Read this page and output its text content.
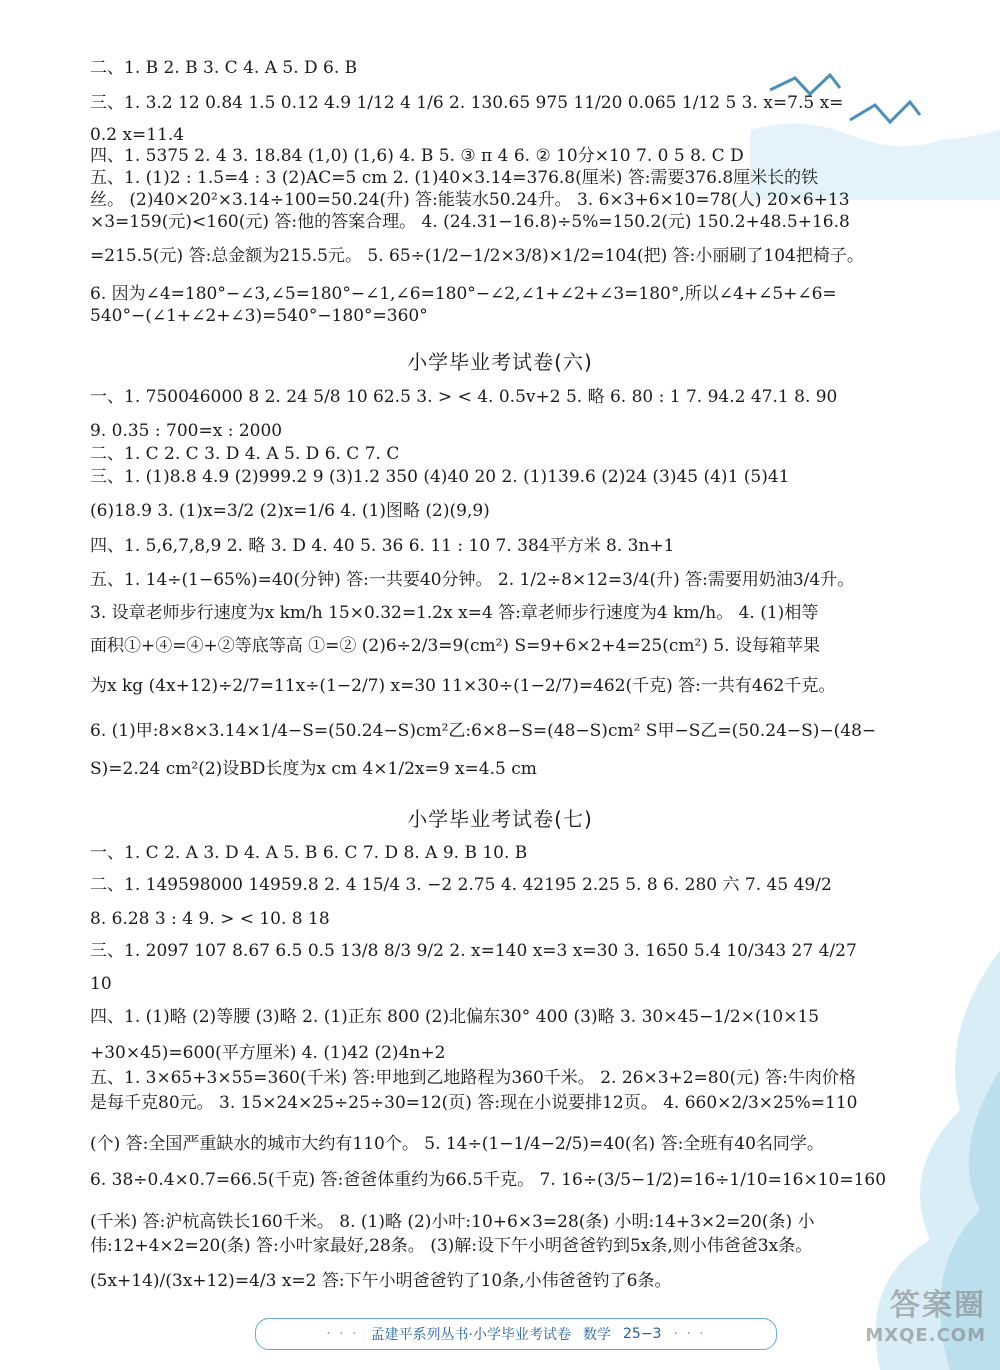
二、1. B 2. B 3. C 4. A 5. D 6. B
三、1. 3.2 12 0.84 1.5 0.12 4.9 1/12 4 1/6 2. 130.65 975 11/20 0.065 1/12 5 3. x=7.5 x=
0.2 x=11.4
四、1. 5375 2. 4 3. 18.84 (1,0) (1,6) 4. B 5. ③ π 4 6. ② 10分×10 7. 0 5 8. C D
五、1. (1)2 : 1.5=4 : 3 (2)AC=5 cm 2. (1)40×3.14=376.8(厘米) 答:需要376.8厘米长的铁
丝。 (2)40×20²×3.14÷100=50.24(升) 答:能装水50.24升。 3. 6×3+6×10=78(人) 20×6+13
×3=159(元)<160(元) 答:他的答案合理。 4. (24.31−16.8)÷5%=150.2(元) 150.2+48.5+16.8
=215.5(元) 答:总金额为215.5元。 5. 65÷(1/2−1/2×3/8)×1/2=104(把) 答:小丽刷了104把椅子。
6. 因为∠4=180°−∠3,∠5=180°−∠1,∠6=180°−∠2,∠1+∠2+∠3=180°,所以∠4+∠5+∠6=
540°−(∠1+∠2+∠3)=540°−180°=360°
小学毕业考试卷(六)
一、1. 750046000 8 2. 24 5/8 10 62.5 3. > < 4. 0.5v+2 5. 略 6. 80 : 1 7. 94.2 47.1 8. 90
9. 0.35 : 700=x : 2000
二、1. C 2. C 3. D 4. A 5. D 6. C 7. C
三、1. (1)8.8 4.9 (2)999.2 9 (3)1.2 350 (4)40 20 2. (1)139.6 (2)24 (3)45 (4)1 (5)41
(6)18.9 3. (1)x=3/2 (2)x=1/6 4. (1)图略 (2)(9,9)
四、1. 5,6,7,8,9 2. 略 3. D 4. 40 5. 36 6. 11 : 10 7. 384平方米 8. 3n+1
五、1. 14÷(1−65%)=40(分钟) 答:一共要40分钟。 2. 1/2÷8×12=3/4(升) 答:需要用奶油3/4升。
3. 设章老师步行速度为x km/h 15×0.32=1.2x x=4 答:章老师步行速度为4 km/h。 4. (1)相等
面积①+④=④+②等底等高 ①=② (2)6÷2/3=9(cm²) S=9+6×2+4=25(cm²) 5. 设每箱苹果
为x kg (4x+12)÷2/7=11x÷(1−2/7) x=30 11×30÷(1−2/7)=462(千克) 答:一共有462千克。
6. (1)甲:8×8×3.14×1/4−S=(50.24−S)cm²乙:6×8−S=(48−S)cm² S甲−S乙=(50.24−S)−(48−
S)=2.24 cm²(2)设BD长度为x cm 4×1/2x=9 x=4.5 cm
小学毕业考试卷(七)
一、1. C 2. A 3. D 4. A 5. B 6. C 7. D 8. A 9. B 10. B
二、1. 149598000 14959.8 2. 4 15/4 3. −2 2.75 4. 42195 2.25 5. 8 6. 280 六 7. 45 49/2
8. 6.28 3 : 4 9. > < 10. 8 18
三、1. 2097 107 8.67 6.5 0.5 13/8 8/3 9/2 2. x=140 x=3 x=30 3. 1650 5.4 10/343 27 4/27
10
四、1. (1)略 (2)等腰 (3)略 2. (1)正东 800 (2)北偏东30° 400 (3)略 3. 30×45−1/2×(10×15
+30×45)=600(平方厘米) 4. (1)42 (2)4n+2
五、1. 3×65+3×55=360(千米) 答:甲地到乙地路程为360千米。 2. 26×3+2=80(元) 答:牛肉价格
是每千克80元。 3. 15×24×25÷25÷30=12(页) 答:现在小说要排12页。 4. 660×2/3×25%=110
(个) 答:全国严重缺水的城市大约有110个。 5. 14÷(1−1/4−2/5)=40(名) 答:全班有40名同学。
6. 38÷0.4×0.7=66.5(千克) 答:爸爸体重约为66.5千克。 7. 16÷(3/5−1/2)=16÷1/10=16×10=160
(千米) 答:沪杭高铁长160千米。 8. (1)略 (2)小叶:10+6×3=28(条) 小明:14+3×2=20(条) 小
伟:12+4×2=20(条) 答:小叶家最好,28条。 (3)解:设下午小明爸爸钓到5x条,则小伟爸爸3x条。
(5x+14)/(3x+12)=4/3 x=2 答:下午小明爸爸钓了10条,小伟爸爸钓了6条。
· · · 孟建平系列丛书·小学毕业考试卷 数学 25−3 · · ·
答案圈
MXQE.COM
